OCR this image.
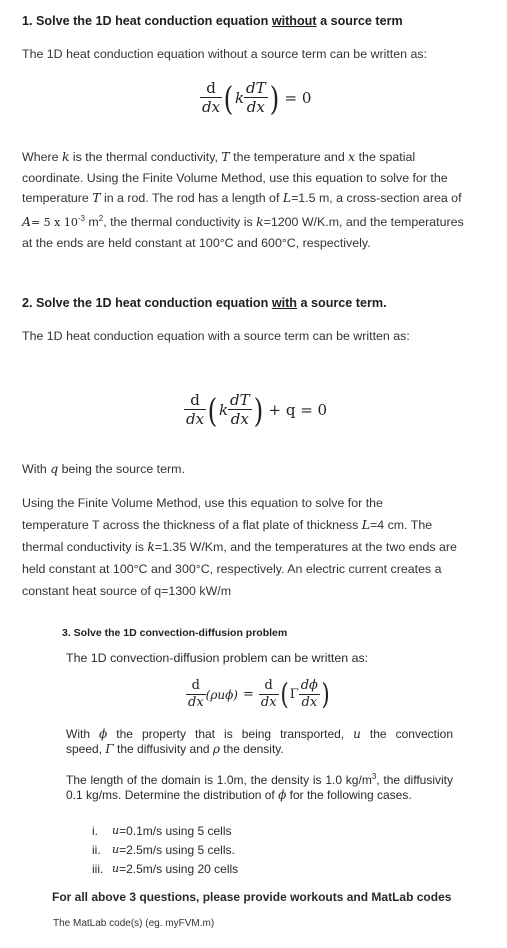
1. Solve the 1D heat conduction equation without a source term
The 1D heat conduction equation without a source term can be written as:
$\frac{d}{dx}$ ( k $\frac{dT}{dx}$ ) = 0
Where k is the thermal conductivity, T the temperature and x the spatial
coordinate. Using the Finite Volume Method, use this equation to solve for the
temperature T in a rod. The rod has a length of L=1.5 m, a cross-section area of
A= 5 x $10^{-3}$ $m^2$, the thermal conductivity is k=1200 W/K.m, and the temperatures
at the ends are held constant at 100°C and 600°C, respectively.
2. Solve the 1D heat conduction equation with a source term.
The 1D heat conduction equation with a source term can be written as:
$\frac{d}{dx}$ ( k $\frac{dT}{dx}$ ) + q = 0
With q being the source term.
Using the Finite Volume Method, use this equation to solve for the
temperature T across the thickness of a flat plate of thickness L=4 cm. The
thermal conductivity is k=1.35 W/Km, and the temperatures at the two ends are
held constant at 100°C and 300°C, respectively. An electric current creates a
constant heat source of q=1300 kW/m
3. Solve the 1D convection-diffusion problem
The 1D convection-diffusion problem can be written as:
$\frac{d}{dx} (\rho u\phi) = \frac{d}{dx}$ ( Γ $\frac{d\phi}{dx}$ )
With ϕ the property that is being transported, u the convection
speed, Γ the diffusivity and ρ the density.
The length of the domain is 1.0m, the density is 1.0 $kg/m^3$, the diffusivity 0.1 kg/ms. Determine the distribution of ϕ for the following cases.
i.	u =0.1m/s using 5 cells
ii.	u =2.5m/s using 5 cells.
iii. u =2.5m/s using 20 cells
For all above 3 questions, please provide workouts and MatLab codes
The MatLab code(s) (eg. myFVM.m)
